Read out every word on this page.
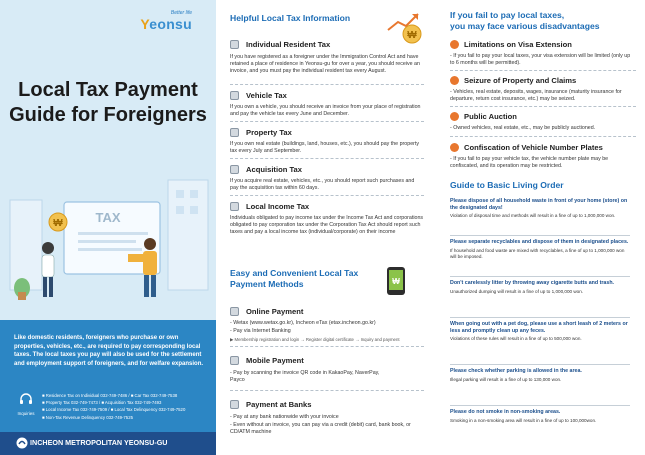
Better life
Yeonsu
Local Tax Payment
Guide for Foreigners
TAX
₩
Like domestic residents, foreigners who purchase or own properties, vehicles, etc., are required to pay corresponding local taxes. The local taxes you pay will also be used for the settlement and employment support of foreigners, and for welfare expansion.
Inquiries
■ Residence Tax on Individual 032-749-7486 / ■ Car Tax 032-749-7538
■ Property Tax 032-749-7473 / ■ Acquisition Tax 032-749-7493
■ Local Income Tax 032-749-7509 / ■ Local Tax Delinquency 032-749-7520
■ Non-Tax Revenue Delinquency 032-749-7525
INCHEON METROPOLITAN YEONSU-GU
Helpful Local Tax Information
₩
Individual Resident Tax
If you have registered as a foreigner under the Immigration Control Act and have retained a place of residence in Yeonsu-gu for over a year, you should receive an invoice, and you must pay the individual resident tax every August.
Vehicle Tax
If you own a vehicle, you should receive an invoice from your place of registration and pay the vehicle tax every June and December.
Property Tax
If you own real estate (buildings, land, houses, etc.), you should pay the property tax every July and September.
Acquisition Tax
If you acquire real estate, vehicles, etc., you should report such purchases and pay the acquisition tax within 60 days.
Local Income Tax
Individuals obligated to pay income tax under the Income Tax Act and corporations obligated to pay corporation tax under the Corporation Tax Act should report such taxes and pay a local income tax (individual/corporate) on their income
Easy and Convenient Local Tax
Payment Methods	₩
Online Payment
- Wetax (www.wetax.go.kr), Incheon eTax (etax.incheon.go.kr)
- Pay via Internet Banking
▶ Membership registration and login → Register digital certificate → Inquiry and payment
Mobile Payment
- Pay by scanning the invoice QR code in KakaoPay, NaverPay, Payco
Payment at Banks
- Pay at any bank nationwide with your invoice
- Even without an invoice, you can pay via a credit (debit) card, bank book, or CD/ATM machine
If you fail to pay local taxes,
you may face various disadvantages
Limitations on Visa Extension
- If you fail to pay your local taxes, your visa extension will be limited (only up to 6 months will be permitted).
Seizure of Property and Claims
- Vehicles, real estate, deposits, wages, insurance (maturity insurance for departure, return cost insurance, etc.) may be seized.
Public Auction
- Owned vehicles, real estate, etc., may be publicly auctioned.
Confiscation of Vehicle Number Plates
- If you fail to pay your vehicle tax, the vehicle number plate may be confiscated, and its operation may be restricted.
Guide to Basic Living Order
Please dispose of all household waste in front of your home (store) on the designated days!
Violation of disposal time and methods will result in a fine of up to 1,000,000 won.
Please separate recyclables and dispose of them in designated places.
If household and food waste are mixed with recyclables, a fine of up to 1,000,000 won will be imposed.
Don't carelessly litter by throwing away cigarette butts and trash.
Unauthorized dumping will result in a fine of up to 1,000,000 won.
When going out with a pet dog, please use a short leash of 2 meters or less and promptly clean up any feces.
Violations of these rules will result in a fine of up to 500,000 won.
Please check whether parking is allowed in the area.
Illegal parking will result in a fine of up to 130,000 won.
Please do not smoke in non-smoking areas.
Smoking in a non-smoking area will result in a fine of up to 100,000won.
